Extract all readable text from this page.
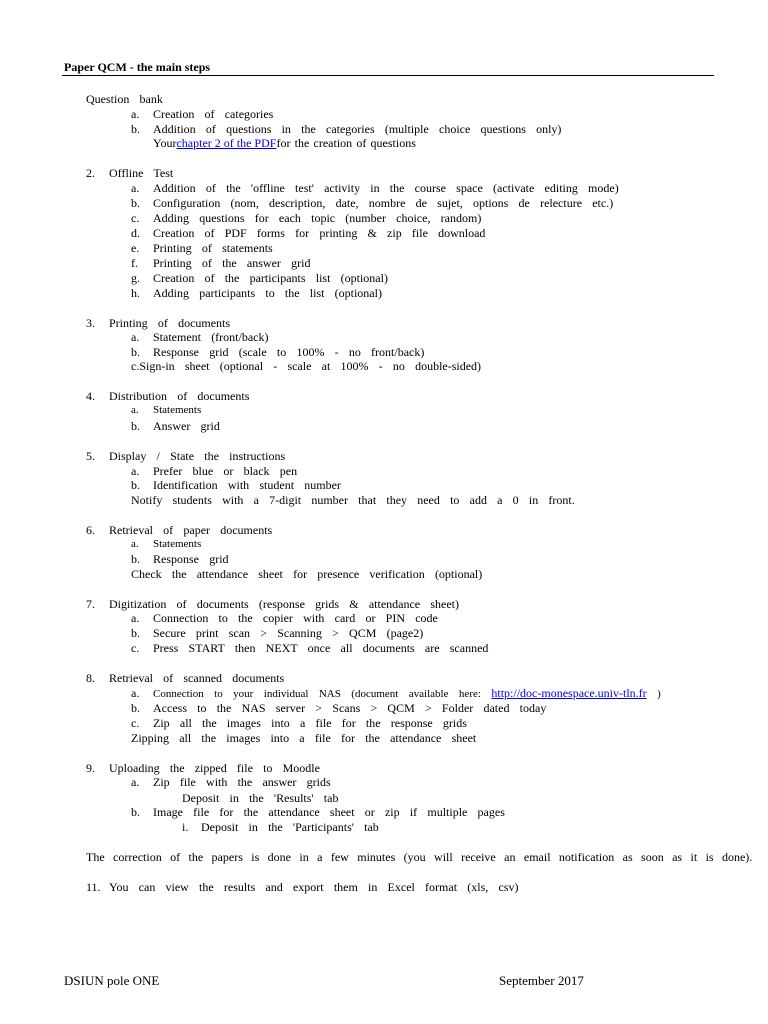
Paper QCM - the main steps
Question bank
a. Creation of categories
b. Addition of questions in the categories (multiple choice questions only)
Yourchapter 2 of the PDFfor the creation of questions
2. Offline Test
a. Addition of the 'offline test' activity in the course space (activate editing mode)
b. Configuration (nom, description, date, nombre de sujet, options de relecture etc.)
c. Adding questions for each topic (number choice, random)
d. Creation of PDF forms for printing & zip file download
e. Printing of statements
f. Printing of the answer grid
g. Creation of the participants list (optional)
h. Adding participants to the list (optional)
3. Printing of documents
a. Statement (front/back)
b. Response grid (scale to 100% - no front/back)
c.Sign-in sheet (optional - scale at 100% - no double-sided)
4. Distribution of documents
a. Statements
b. Answer grid
5. Display / State the instructions
a. Prefer blue or black pen
b. Identification with student number
Notify students with a 7-digit number that they need to add a 0 in front.
6. Retrieval of paper documents
a. Statements
b. Response grid
Check the attendance sheet for presence verification (optional)
7. Digitization of documents (response grids & attendance sheet)
a. Connection to the copier with card or PIN code
b. Secure print scan > Scanning > QCM (page2)
c. Press START then NEXT once all documents are scanned
8. Retrieval of scanned documents
a. Connection to your individual NAS (document available here: http://doc-monespace.univ-tln.fr )
b. Access to the NAS server > Scans > QCM > Folder dated today
c. Zip all the images into a file for the response grids
Zipping all the images into a file for the attendance sheet
9. Uploading the zipped file to Moodle
a. Zip file with the answer grids
Deposit in the 'Results' tab
b. Image file for the attendance sheet or zip if multiple pages
i. Deposit in the 'Participants' tab
The correction of the papers is done in a few minutes (you will receive an email notification as soon as it is done).
11. You can view the results and export them in Excel format (xls, csv)
DSIUN pole ONE	September 2017
